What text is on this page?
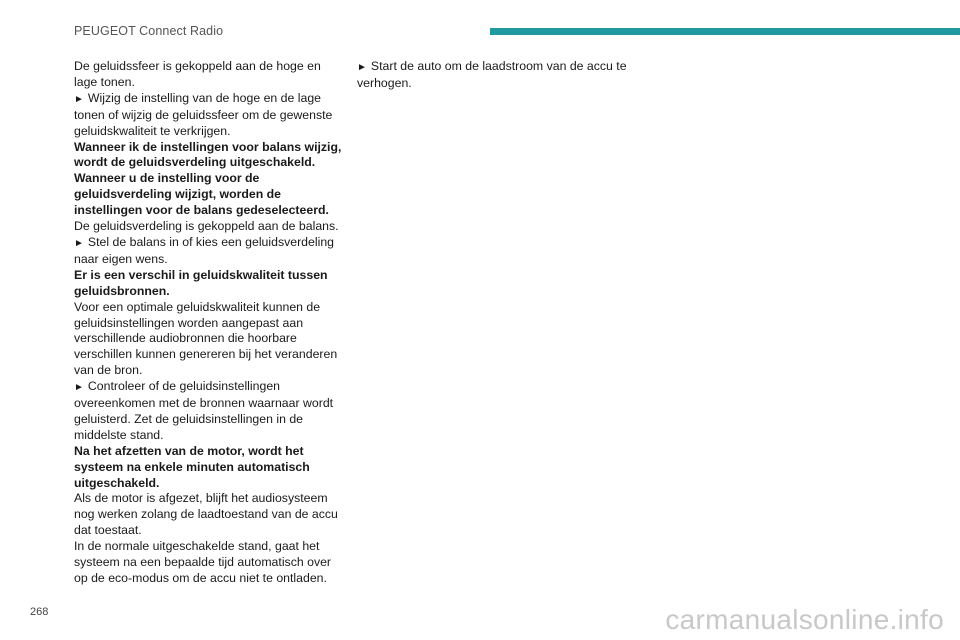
PEUGEOT Connect Radio

De geluidssfeer is gekoppeld aan de hoge en lage tonen.

► Wijzig de instelling van de hoge en de lage tonen of wijzig de geluidssfeer om de gewenste geluidskwaliteit te verkrijgen.

Wanneer ik de instellingen voor balans wijzig, wordt de geluidsverdeling uitgeschakeld.

Wanneer u de instelling voor de geluidsverdeling wijzigt, worden de instellingen voor de balans gedeselecteerd.

De geluidsverdeling is gekoppeld aan de balans.

► Stel de balans in of kies een geluidsverdeling naar eigen wens.

Er is een verschil in geluidskwaliteit tussen geluidsbronnen.

Voor een optimale geluidskwaliteit kunnen de geluidsinstellingen worden aangepast aan verschillende audiobronnen die hoorbare verschillen kunnen genereren bij het veranderen van de bron.

► Controleer of de geluidsinstellingen overeenkomen met de bronnen waarnaar wordt geluisterd. Zet de geluidsinstellingen in de middelste stand.

Na het afzetten van de motor, wordt het systeem na enkele minuten automatisch uitgeschakeld.

Als de motor is afgezet, blijft het audiosysteem nog werken zolang de laadtoestand van de accu dat toestaat.

In de normale uitgeschakelde stand, gaat het systeem na een bepaalde tijd automatisch over op de eco-modus om de accu niet te ontladen.

► Start de auto om de laadstroom van de accu te verhogen.

268	carmanualsonline.info
